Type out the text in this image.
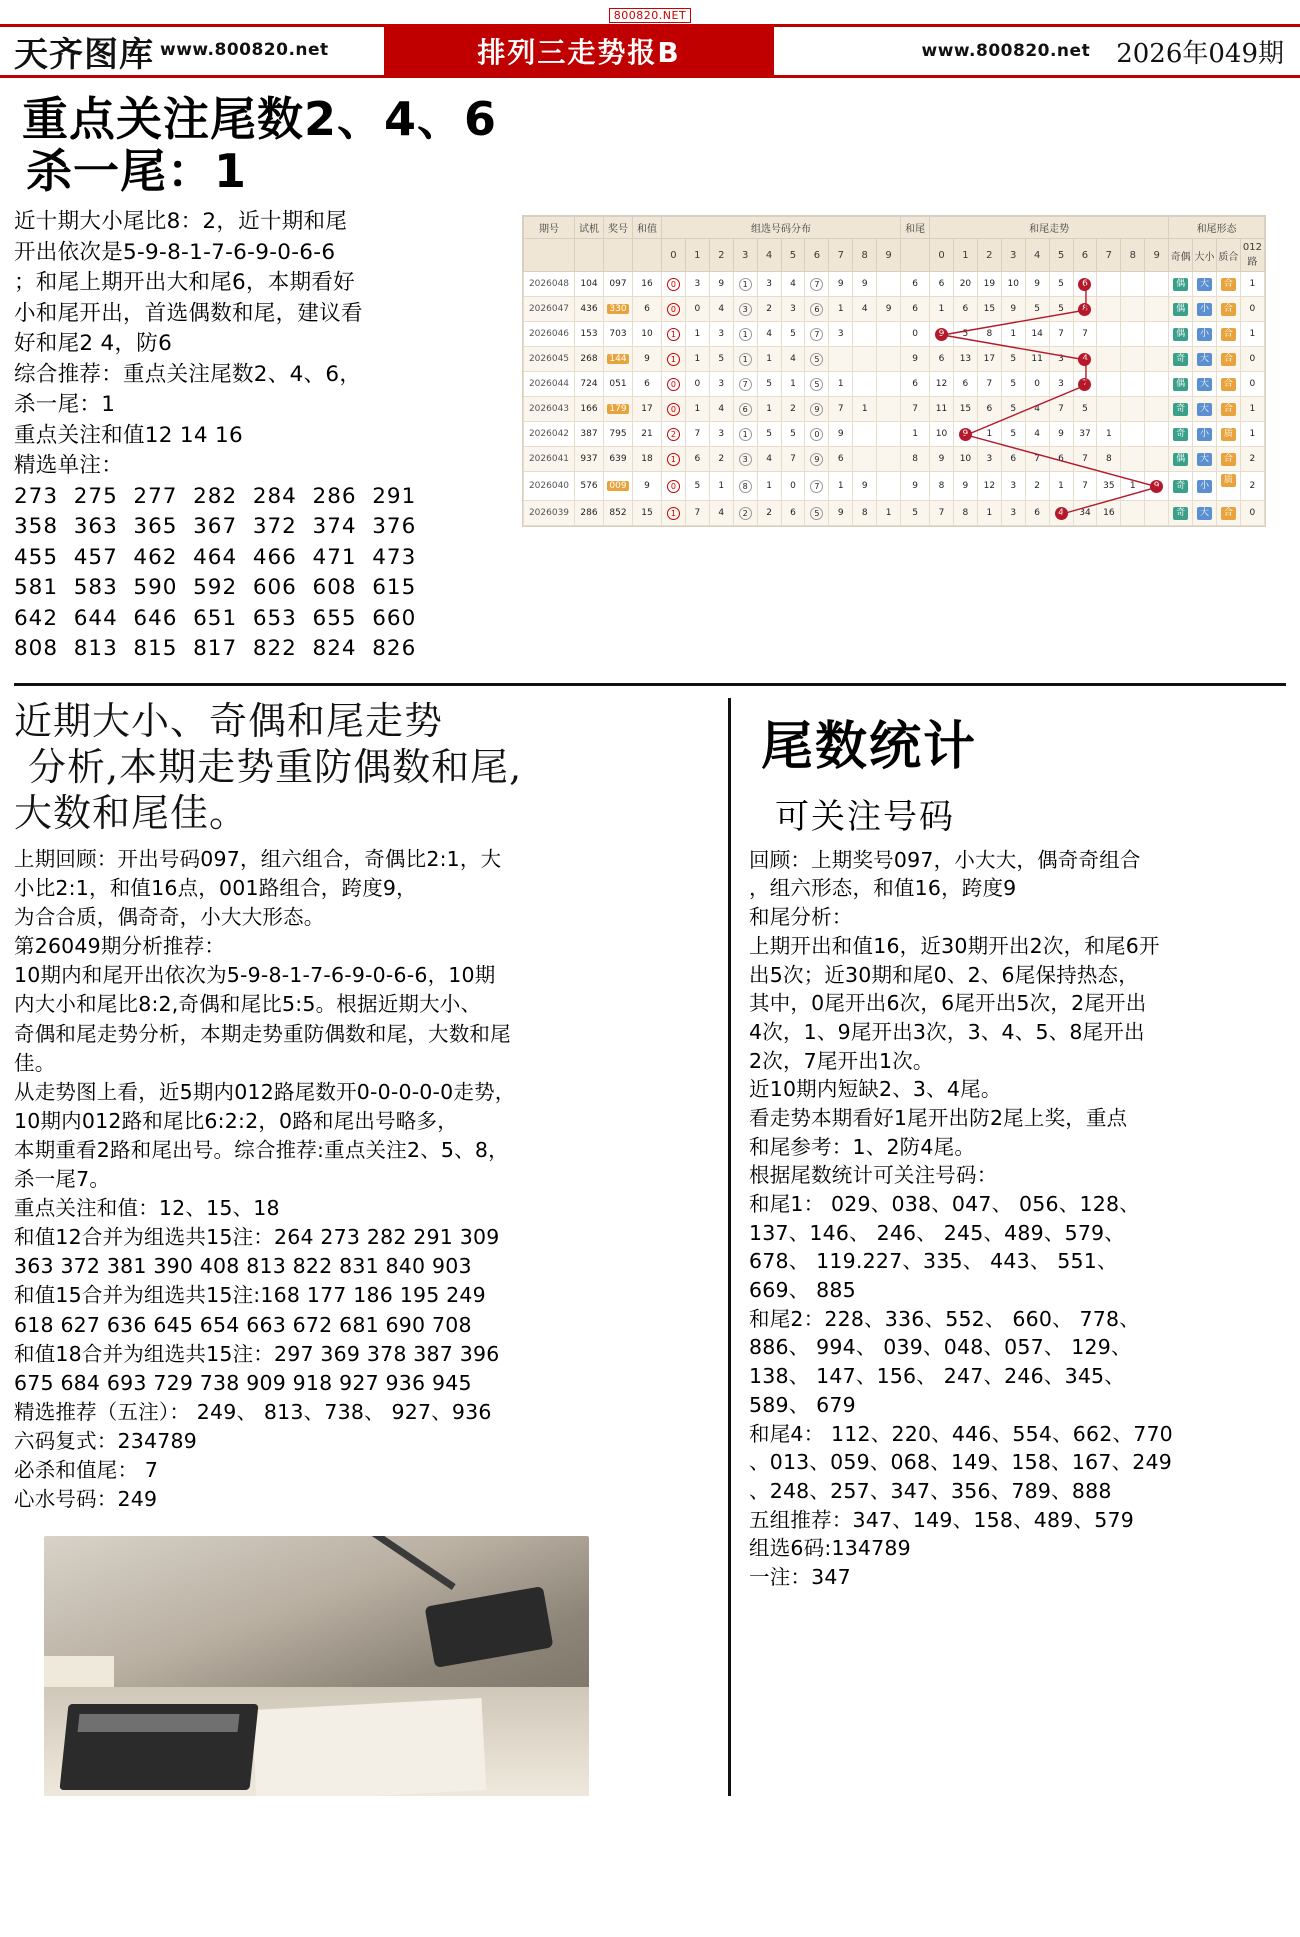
800820.NET
天齐图库 www.800820.net	排列三走势报B	www.800820.net 2026年049期
重点关注尾数2、4、6
杀一尾：1

近十期大小尾比8：2，近十期和尾

开出依次是5-9-8-1-7-6-9-0-6-6

；和尾上期开出大和尾6，本期看好

小和尾开出，首选偶数和尾，建议看

好和尾2 4，防6

综合推荐：重点关注尾数2、4、6，

杀一尾：1

重点关注和值12 14 16

精选单注：

273  275  277  282  284  286  291
358  363  365  367  372  374  376
455  457  462  464  466  471  473
581  583  590  592  606  608  615
642  644  646  651  653  655  660
808  813  815  817  822  824  826
期号	试机	奖号	和值	组选号码分布										和尾	和尾走势										和尾形态			
				0	1	2	3	4	5	6	7	8	9		0	1	2	3	4	5	6	7	8	9	奇偶	大小	质合	012路
2026048	104	097	16	0	3	9	1	3	4	7	9	9		6	6	20	19	10	9	5	6				偶	大	合	1
2026047	436	330	6	0	0	4	3	2	3	6	1	4	9	6	1	6	15	9	5	5	8				偶	小	合	0
2026046	153	703	10	1	1	3	1	4	5	7	3			0	9	5	8	1	14	7	7				偶	小	合	1
2026045	268	144	9	1	1	5	1	1	4	5				9	6	13	17	5	11	3	4				奇	大	合	0
2026044	724	051	6	0	0	3	7	5	1	5	1			6	12	6	7	5	0	3	7				偶	大	合	0
2026043	166	179	17	0	1	4	6	1	2	9	7	1		7	11	15	6	5	4	7	5				奇	大	合	1
2026042	387	795	21	2	7	3	1	5	5	0	9			1	10	9	1	5	4	9	37	1			奇	小	质	1
2026041	937	639	18	1	6	2	3	4	7	9	6			8	9	10	3	6	7	6	7	8			偶	大	合	2
2026040	576	009	9	0	5	1	8	1	0	7	1	9		9	8	9	12	3	2	1	7	35	1	9	奇	小	质合	2
2026039	286	852	15	1	7	4	2	2	6	5	9	8	1	5	7	8	1	3	6	4	34	16			奇	大	合	0
近期大小、奇偶和尾走势
分析,本期走势重防偶数和尾,
大数和尾佳。

上期回顾：开出号码097，组六组合，奇偶比2:1，大

小比2:1，和值16点，001路组合，跨度9，

为合合质，偶奇奇，小大大形态。

第26049期分析推荐：

10期内和尾开出依次为5-9-8-1-7-6-9-0-6-6，10期

内大小和尾比8:2,奇偶和尾比5:5。根据近期大小、

奇偶和尾走势分析，本期走势重防偶数和尾，大数和尾

佳。

从走势图上看，近5期内012路尾数开0-0-0-0-0走势，

10期内012路和尾比6:2:2，0路和尾出号略多，

本期重看2路和尾出号。综合推荐:重点关注2、5、8，

杀一尾7。

重点关注和值：12、15、18

和值12合并为组选共15注：264 273 282 291 309

363 372 381 390 408 813 822 831 840 903

和值15合并为组选共15注:168 177 186 195 249

618 627 636 645 654 663 672 681 690 708

和值18合并为组选共15注：297 369 378 387 396

675 684 693 729 738 909 918 927 936 945

精选推荐（五注）： 249、 813、738、 927、936

六码复式：234789

必杀和值尾： 7

心水号码：249

尾数统计
可关注号码

回顾：上期奖号097，小大大，偶奇奇组合

，组六形态，和值16，跨度9

和尾分析：

上期开出和值16，近30期开出2次，和尾6开

出5次；近30期和尾0、2、6尾保持热态，

其中，0尾开出6次，6尾开出5次，2尾开出

4次，1、9尾开出3次，3、4、5、8尾开出

2次，7尾开出1次。

近10期内短缺2、3、4尾。

看走势本期看好1尾开出防2尾上奖，重点

和尾参考：1、2防4尾。

根据尾数统计可关注号码：

和尾1： 029、038、047、 056、128、

137、146、 246、 245、489、579、

678、 119.227、335、 443、 551、

669、 885

和尾2：228、336、552、 660、 778、

886、 994、 039、048、057、 129、

138、 147、156、 247、246、345、

589、 679

和尾4： 112、220、446、554、662、770

、013、059、068、149、158、167、249

、248、257、347、356、789、888

五组推荐：347、149、158、489、579

组选6码:134789

一注：347
